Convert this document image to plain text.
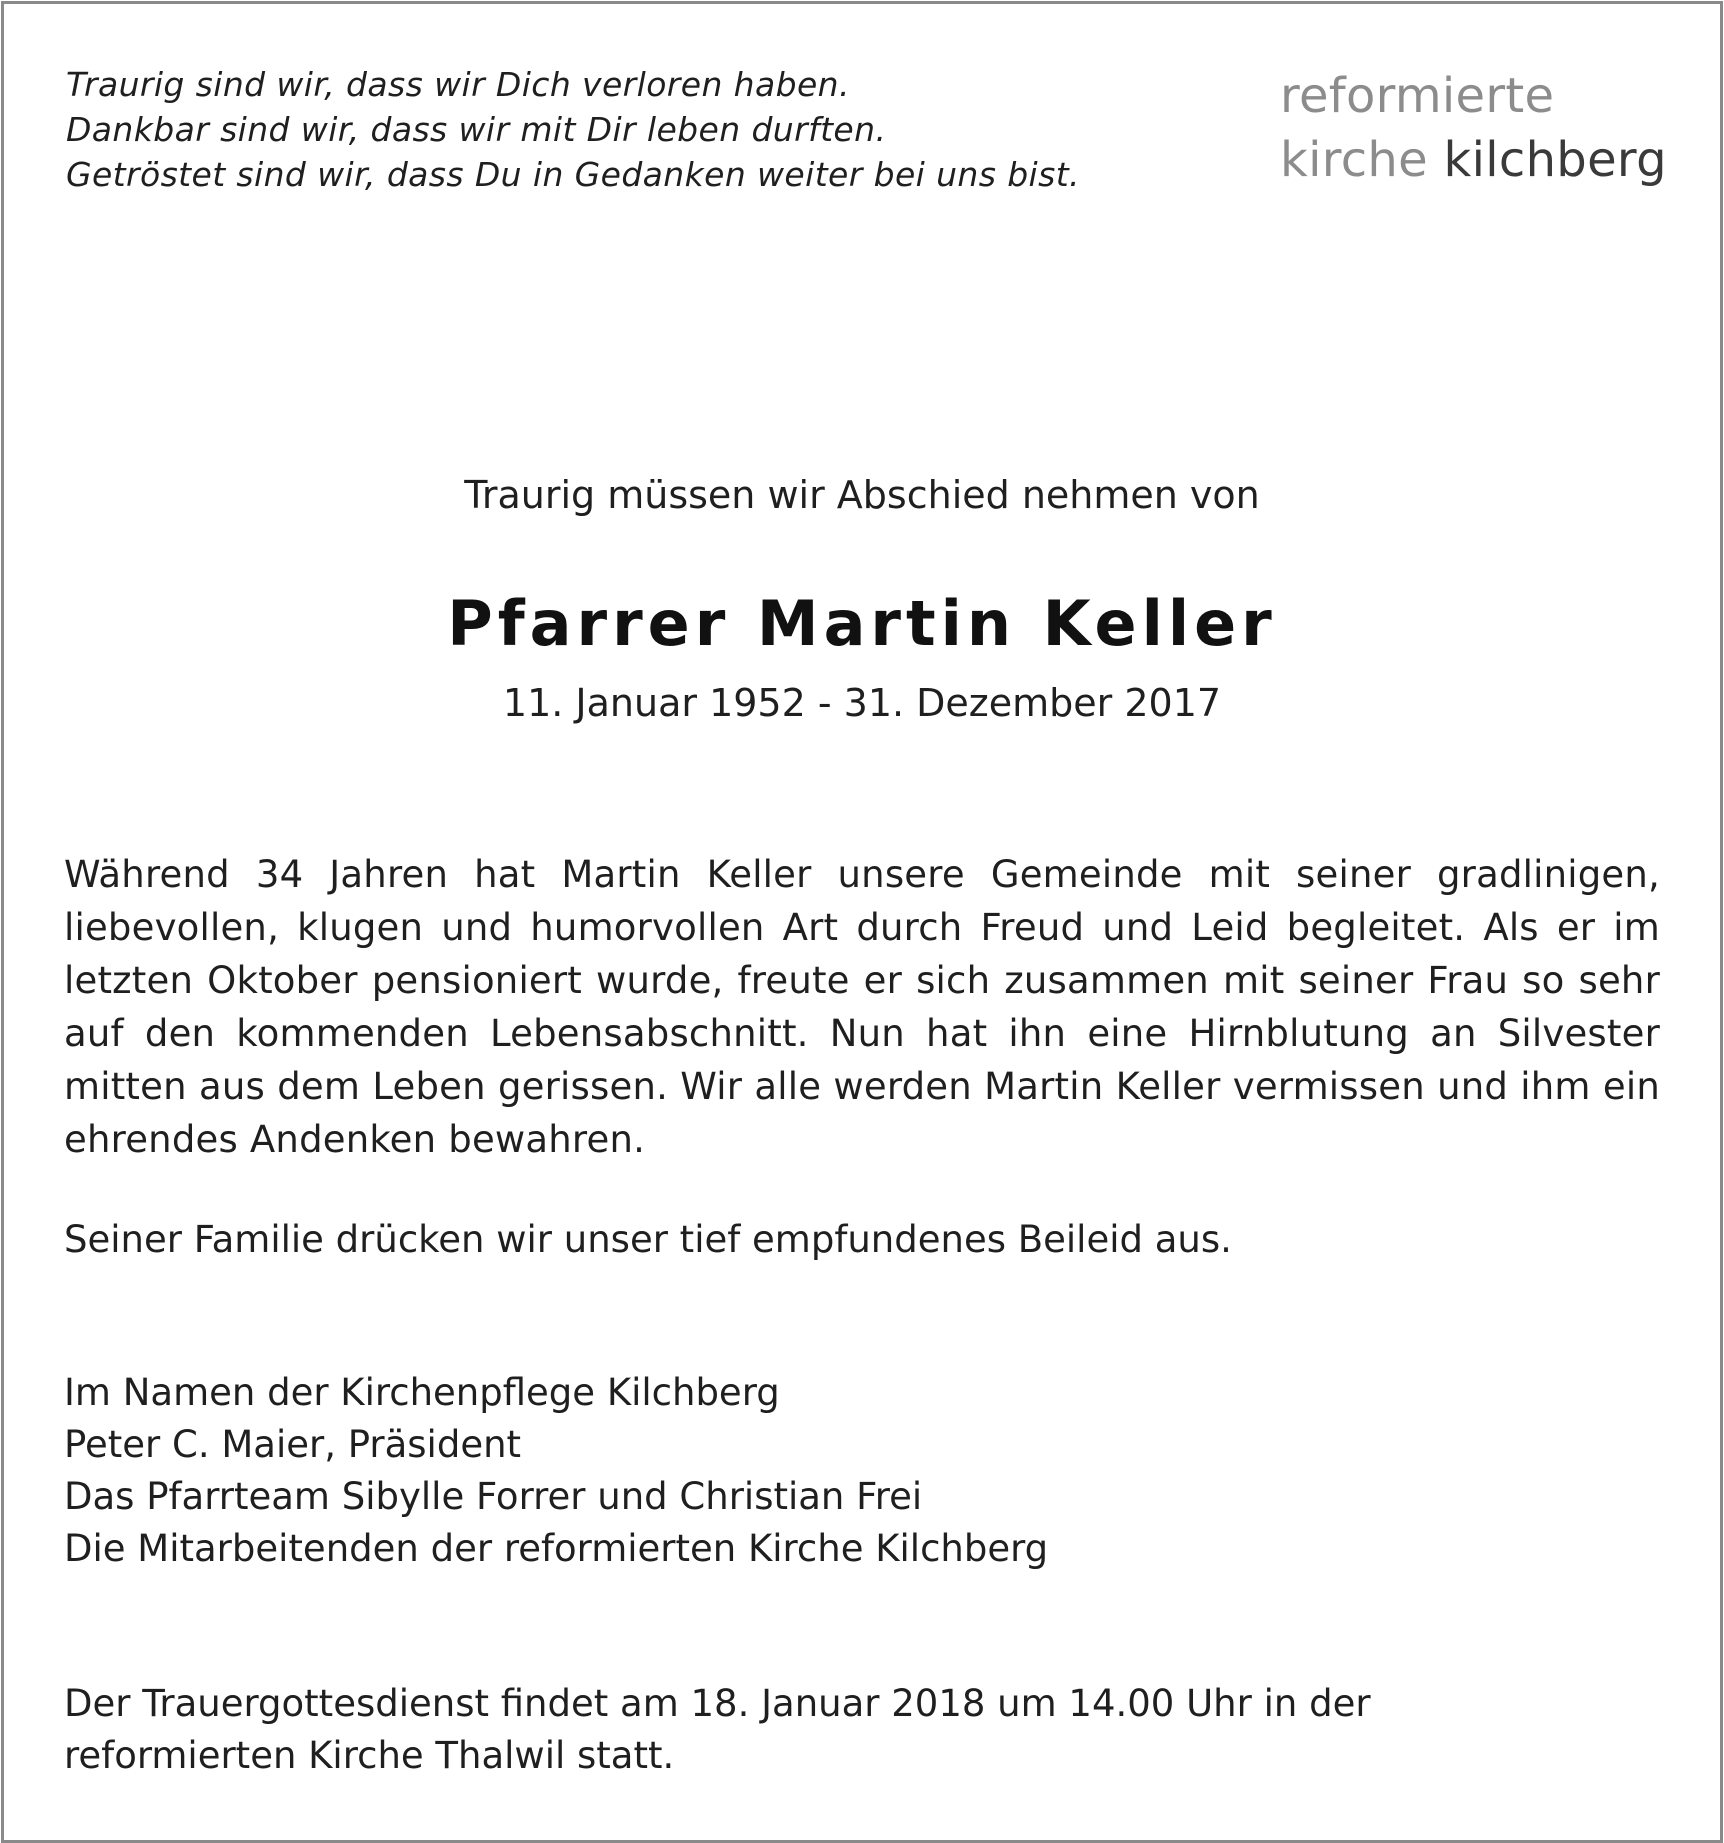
Traurig sind wir, dass wir Dich verloren haben.
Dankbar sind wir, dass wir mit Dir leben durften.
Getröstet sind wir, dass Du in Gedanken weiter bei uns bist.
reformierte
kirche kilchberg
Traurig müssen wir Abschied nehmen von
Pfarrer Martin Keller
11. Januar 1952 - 31. Dezember 2017
Während 34 Jahren hat Martin Keller unsere Gemeinde mit seiner gradlinigen, liebevollen, klugen und humorvollen Art durch Freud und Leid begleitet. Als er im letzten Oktober pensioniert wurde, freute er sich zusammen mit seiner Frau so sehr auf den kommenden Lebensabschnitt. Nun hat ihn eine Hirnblutung an Silvester mitten aus dem Leben gerissen. Wir alle werden Martin Keller vermissen und ihm ein ehrendes Andenken bewahren.
Seiner Familie drücken wir unser tief empfundenes Beileid aus.
Im Namen der Kirchenpflege Kilchberg
Peter C. Maier, Präsident
Das Pfarrteam Sibylle Forrer und Christian Frei
Die Mitarbeitenden der reformierten Kirche Kilchberg
Der Trauergottesdienst findet am 18. Januar 2018 um 14.00 Uhr in der
reformierten Kirche Thalwil statt.
